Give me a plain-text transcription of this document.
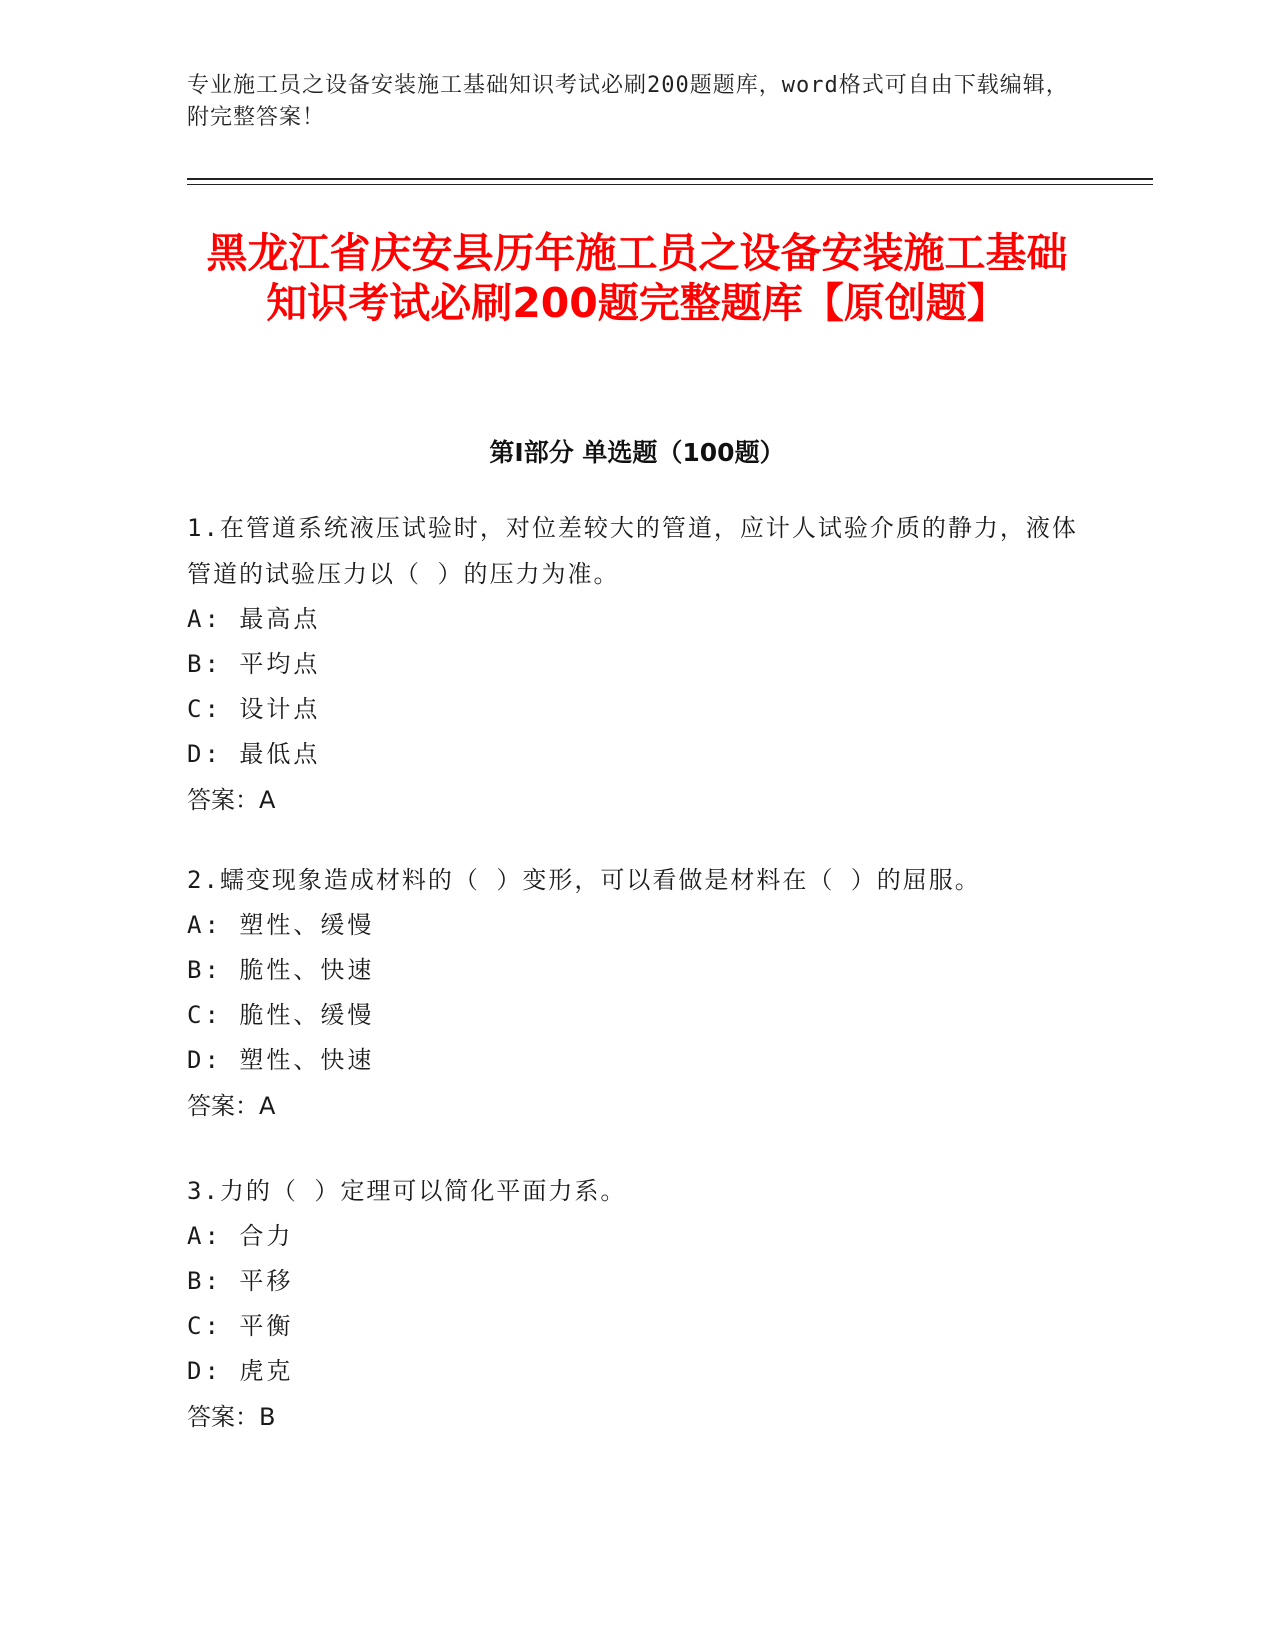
专业施工员之设备安装施工基础知识考试必刷200题题库，word格式可自由下载编辑，附完整答案！
黑龙江省庆安县历年施工员之设备安装施工基础知识考试必刷200题完整题库【原创题】
第Ⅰ部分 单选题（100题）

1.在管道系统液压试验时，对位差较大的管道，应计人试验介质的静力，液体管道的试验压力以（ ）的压力为准。

A: 最高点

B: 平均点

C: 设计点

D: 最低点

答案：A

2.蠕变现象造成材料的（ ）变形，可以看做是材料在（ ）的屈服。

A: 塑性、缓慢

B: 脆性、快速

C: 脆性、缓慢

D: 塑性、快速

答案：A

3.力的（ ）定理可以简化平面力系。

A: 合力

B: 平移

C: 平衡

D: 虎克

答案：B
